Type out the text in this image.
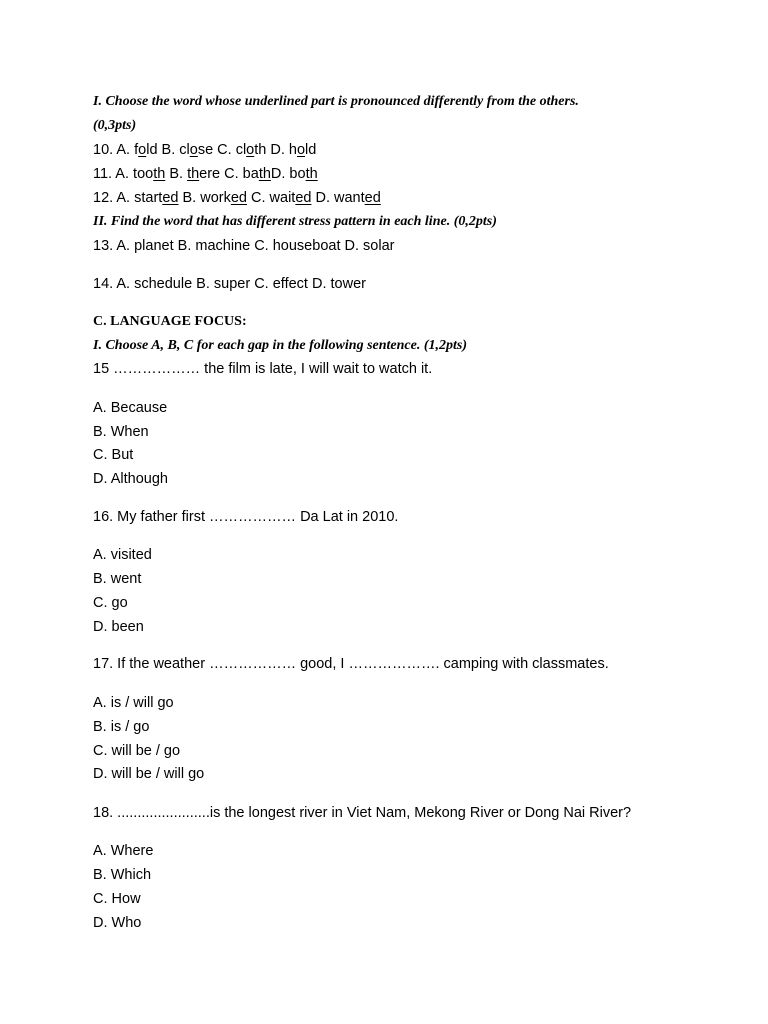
I. Choose the word whose underlined part is pronounced differently from the others.
(0,3pts)
10. A. fold B. close C. cloth D. hold
11. A. tooth B. there C. bathD. both
12. A. started B. worked C. waited D. wanted
II. Find the word that has different stress pattern in each line. (0,2pts)
13. A. planet B. machine C. houseboat D. solar
14. A. schedule B. super C. effect D. tower
C. LANGUAGE FOCUS:
I. Choose A, B, C for each gap in the following sentence. (1,2pts)
15 ……………… the film is late, I will wait to watch it.
A. Because
B. When
C. But
D. Although
16. My father first ……………… Da Lat in 2010.
A. visited
B. went
C. go
D. been
17. If the weather ……………… good, I ………………. camping with classmates.
A. is / will go
B. is / go
C. will be / go
D. will be / will go
18. .......................is the longest river in Viet Nam, Mekong River or Dong Nai River?
A. Where
B. Which
C. How
D. Who
